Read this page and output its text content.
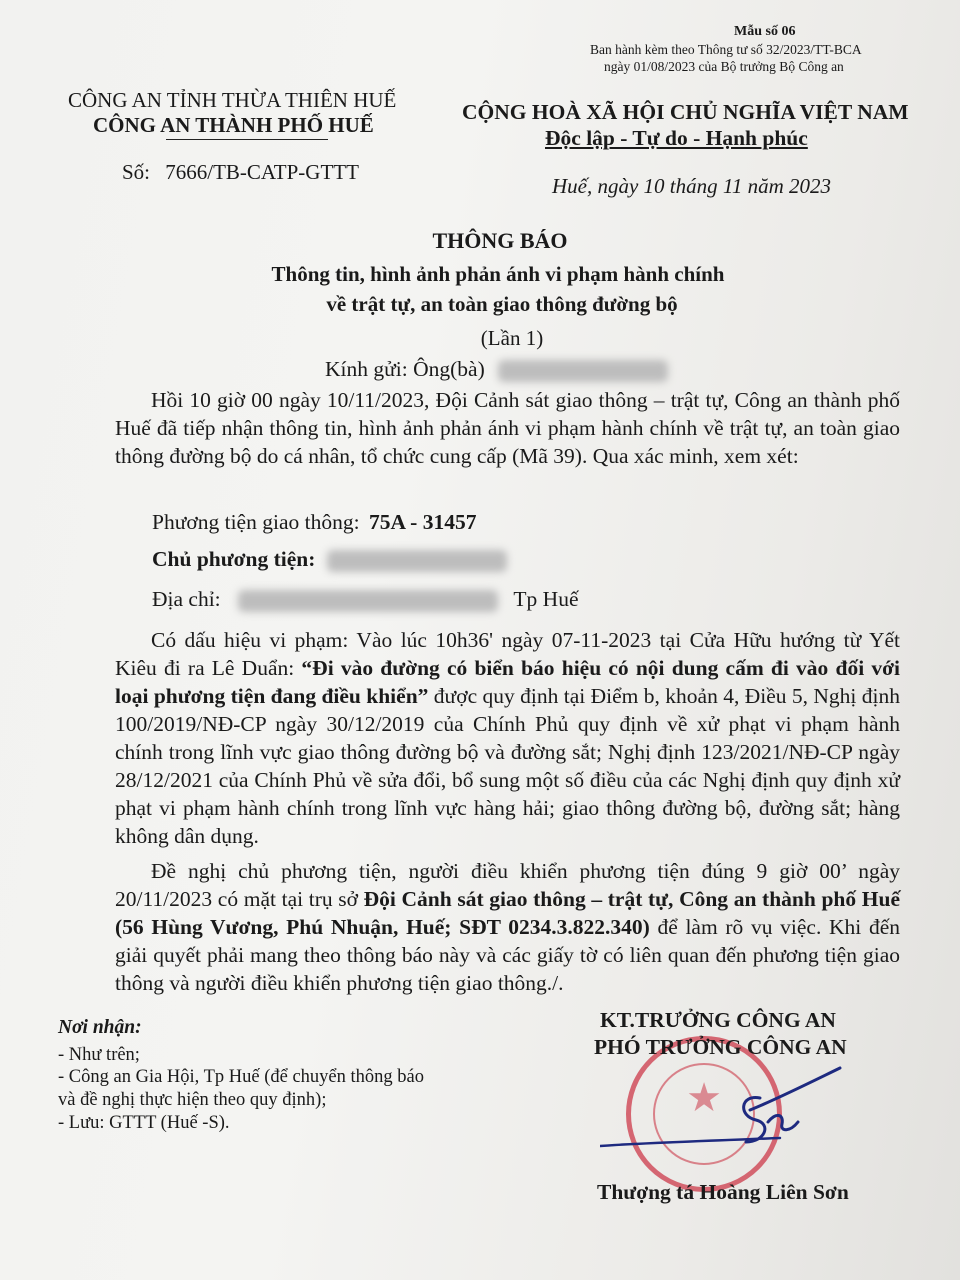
Mẫu số 06
Ban hành kèm theo Thông tư số 32/2023/TT-BCA
ngày 01/08/2023 của Bộ trưởng Bộ Công an
CÔNG AN TỈNH THỪA THIÊN HUẾ
CÔNG AN THÀNH PHỐ HUẾ
Số: 7666/TB-CATP-GTTT
CỘNG HOÀ XÃ HỘI CHỦ NGHĨA VIỆT NAM
Độc lập - Tự do - Hạnh phúc
Huế, ngày 10 tháng 11 năm 2023
THÔNG BÁO
Thông tin, hình ảnh phản ánh vi phạm hành chính
về trật tự, an toàn giao thông đường bộ
(Lần 1)
Kính gửi: Ông(bà)

Hồi 10 giờ 00 ngày 10/11/2023, Đội Cảnh sát giao thông – trật tự, Công an thành phố Huế đã tiếp nhận thông tin, hình ảnh phản ánh vi phạm hành chính về trật tự, an toàn giao thông đường bộ do cá nhân, tổ chức cung cấp (Mã 39). Qua xác minh, xem xét:

Phương tiện giao thông: 75A - 31457
Chủ phương tiện:
Địa chỉ:	Tp Huế

Có dấu hiệu vi phạm: Vào lúc 10h36' ngày 07-11-2023 tại Cửa Hữu hướng từ Yết Kiêu đi ra Lê Duẩn: “Đi vào đường có biển báo hiệu có nội dung cấm đi vào đối với loại phương tiện đang điều khiển” được quy định tại Điểm b, khoản 4, Điều 5, Nghị định 100/2019/NĐ-CP ngày 30/12/2019 của Chính Phủ quy định về xử phạt vi phạm hành chính trong lĩnh vực giao thông đường bộ và đường sắt; Nghị định 123/2021/NĐ-CP ngày 28/12/2021 của Chính Phủ về sửa đổi, bổ sung một số điều của các Nghị định quy định xử phạt vi phạm hành chính trong lĩnh vực hàng hải; giao thông đường bộ, đường sắt; hàng không dân dụng.

Đề nghị chủ phương tiện, người điều khiển phương tiện đúng 9 giờ 00’ ngày 20/11/2023 có mặt tại trụ sở Đội Cảnh sát giao thông – trật tự, Công an thành phố Huế (56 Hùng Vương, Phú Nhuận, Huế; SĐT 0234.3.822.340) để làm rõ vụ việc. Khi đến giải quyết phải mang theo thông báo này và các giấy tờ có liên quan đến phương tiện giao thông và người điều khiển phương tiện giao thông./.

Nơi nhận:
- Như trên;
- Công an Gia Hội, Tp Huế (để chuyển thông báo
và đề nghị thực hiện theo quy định);
- Lưu: GTTT (Huế -S).
★
KT.TRƯỞNG CÔNG AN
PHÓ TRƯỞNG CÔNG AN
Thượng tá Hoàng Liên Sơn
